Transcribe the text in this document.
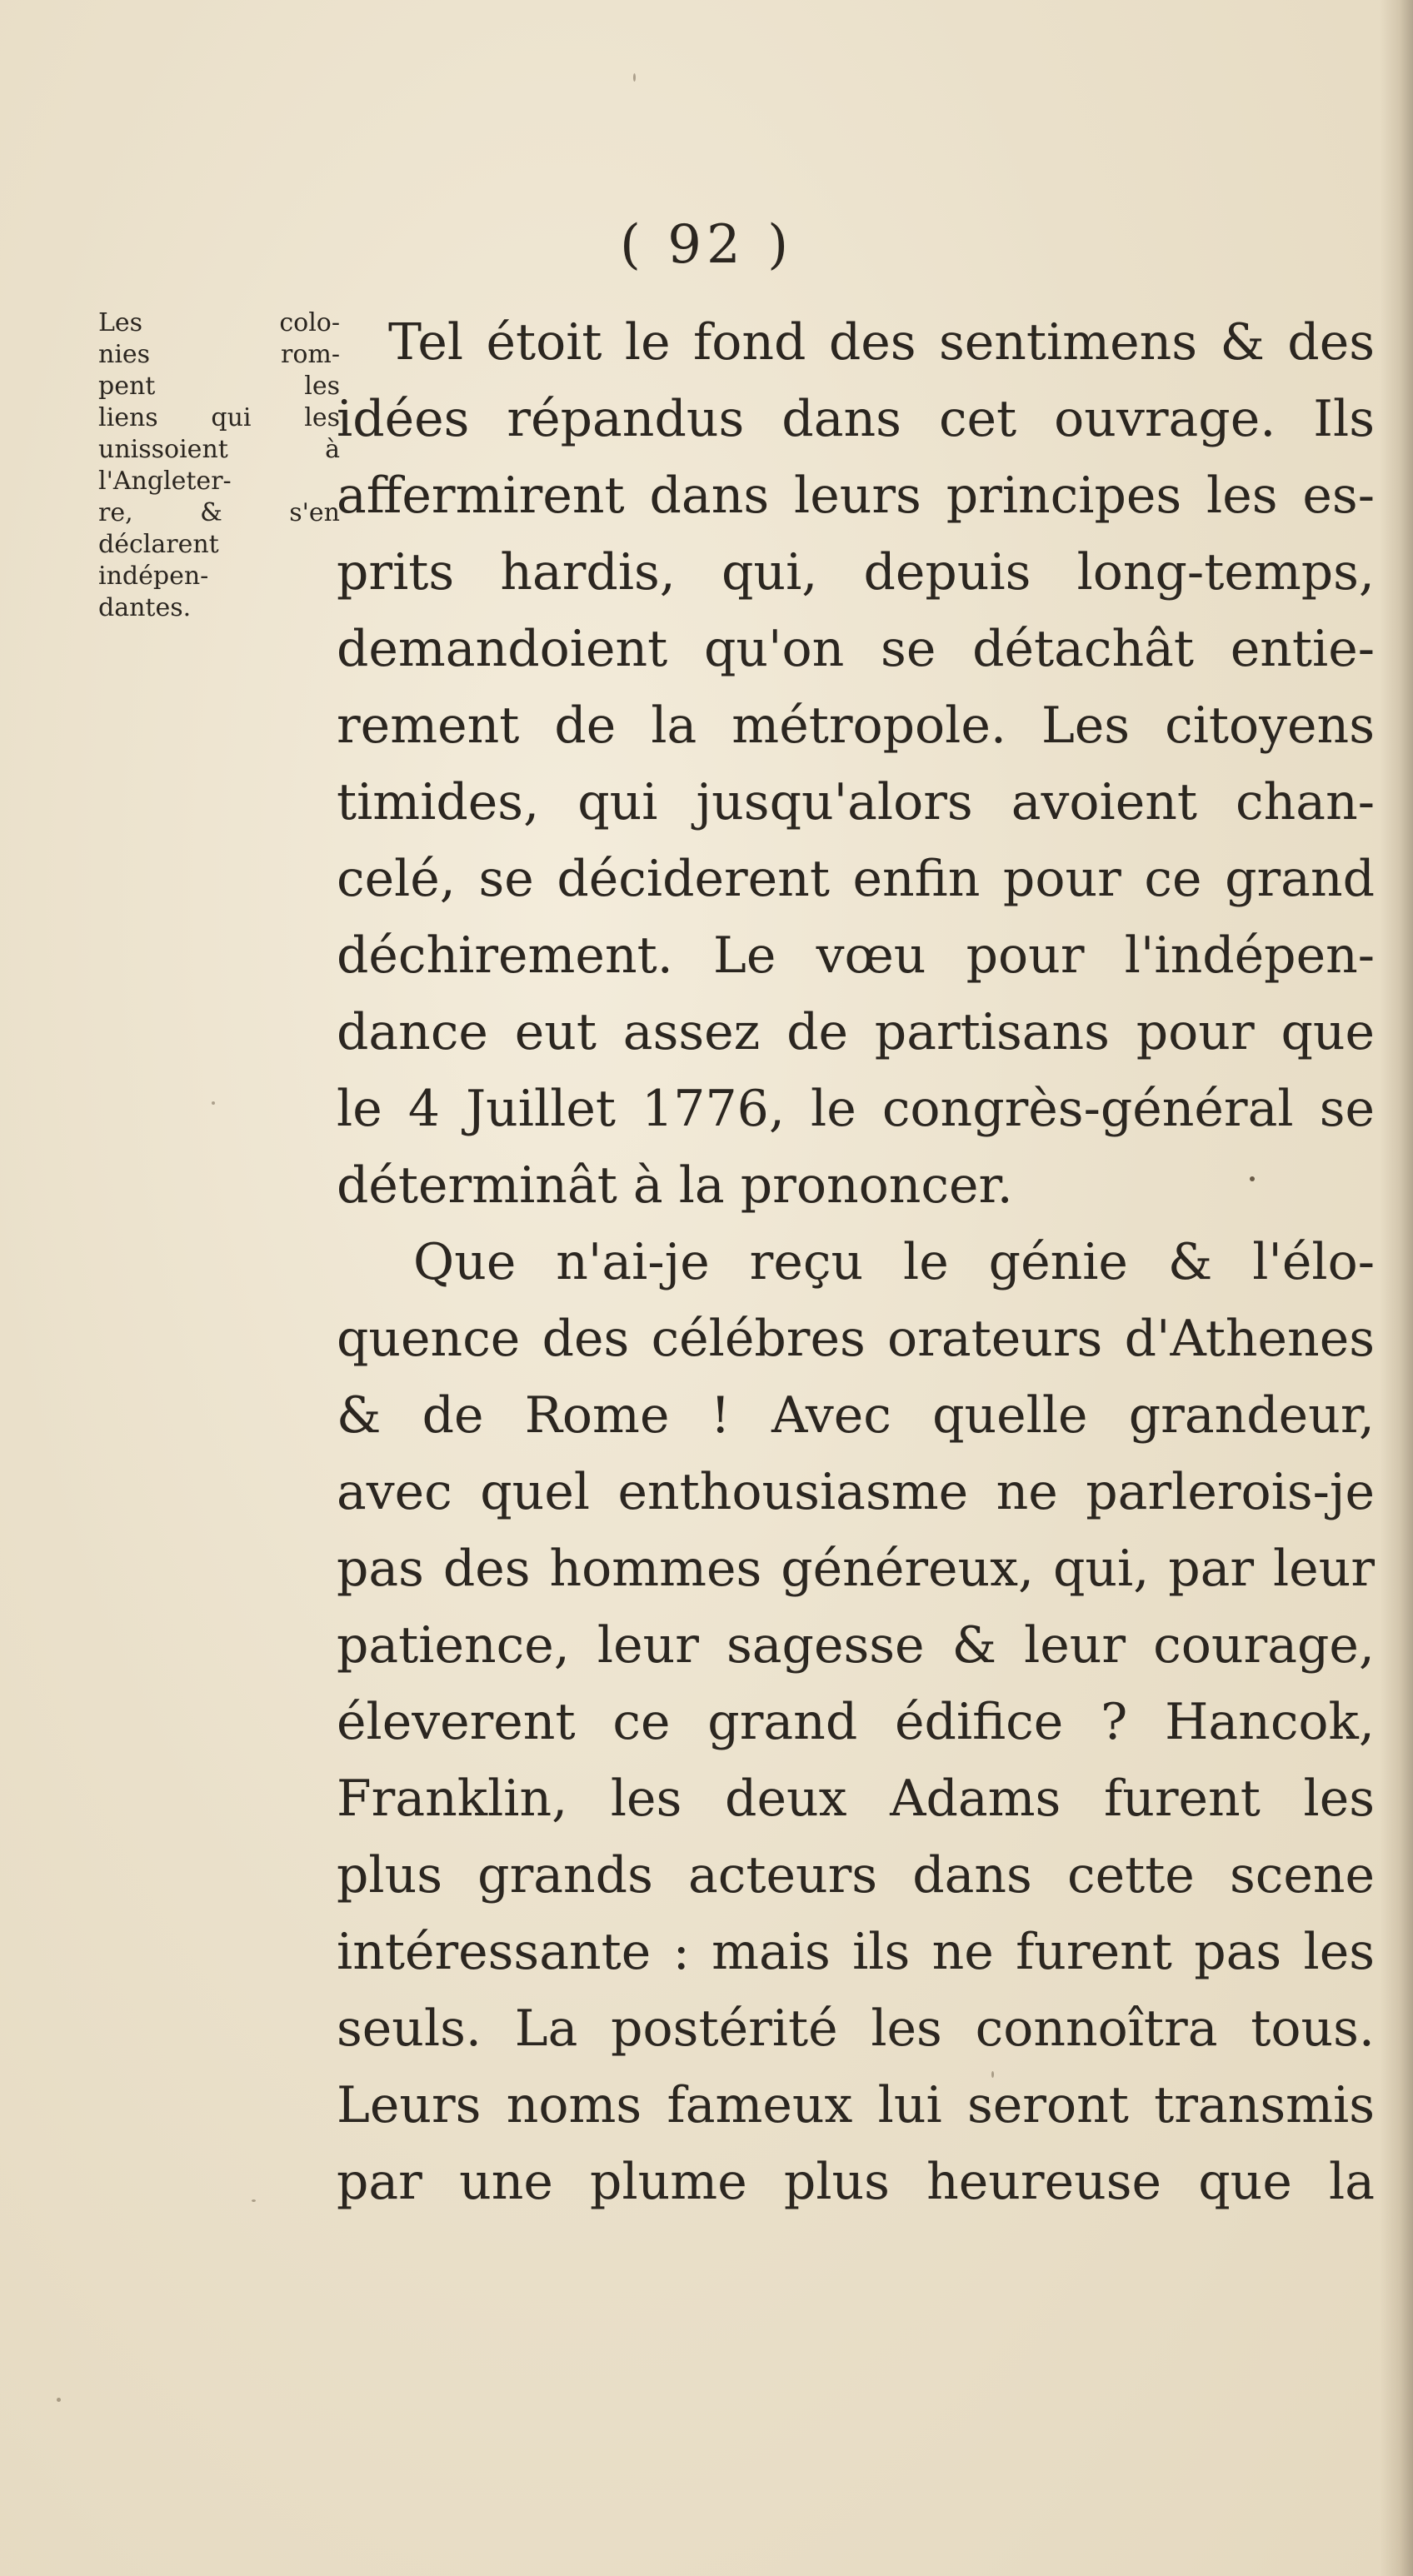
( 92 )
Les colo-
nies rom-
pent les
liens qui les
unissoient à
l'Angleter-
re, & s'en
déclarent
indépen-
dantes.
Tel étoit le fond des sentimens & des
idées répandus dans cet ouvrage. Ils
affermirent dans leurs principes les es-
prits hardis, qui, depuis long-temps,
demandoient qu'on se détachât entie-
rement de la métropole. Les citoyens
timides, qui jusqu'alors avoient chan-
celé, se déciderent enfin pour ce grand
déchirement. Le vœu pour l'indépen-
dance eut assez de partisans pour que
le 4 Juillet 1776, le congrès-général se
déterminât à la prononcer.
Que n'ai-je reçu le génie & l'élo-
quence des célébres orateurs d'Athenes
& de Rome ! Avec quelle grandeur,
avec quel enthousiasme ne parlerois-je
pas des hommes généreux, qui, par leur
patience, leur sagesse & leur courage,
éleverent ce grand édifice ? Hancok,
Franklin, les deux Adams furent les
plus grands acteurs dans cette scene
intéressante : mais ils ne furent pas les
seuls. La postérité les connoîtra tous.
Leurs noms fameux lui seront transmis
par une plume plus heureuse que la
